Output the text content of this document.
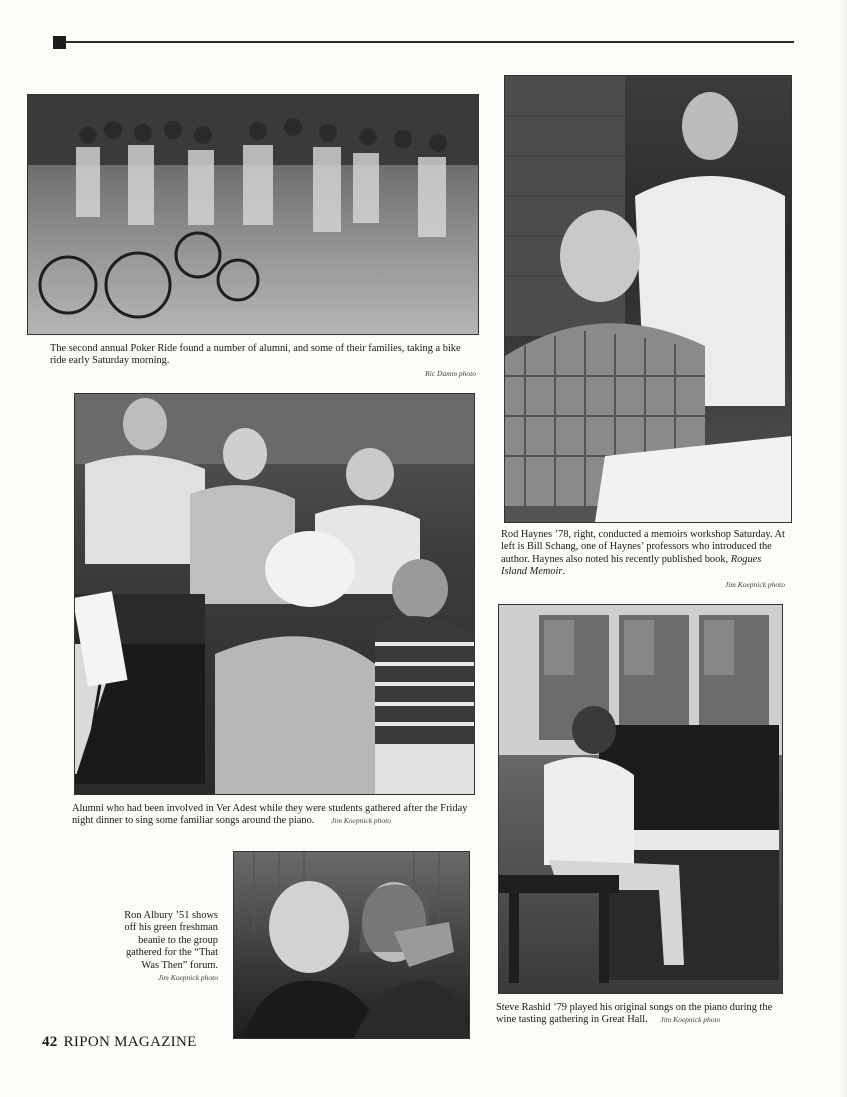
The second annual Poker Ride found a number of alumni, and some of their families, taking a bike ride early Saturday morning.
Ric Damm photo
Rod Haynes ’78, right, conducted a memoirs workshop Saturday. At left is Bill Schang, one of Haynes’ professors who introduced the author. Haynes also noted his recently published book, Rogues Island Memoir.
Jim Koepnick photo
Alumni who had been involved in Ver Adest while they were students gathered after the Friday night dinner to sing some familiar songs around the piano. Jim Koepnick photo
Steve Rashid ’79 played his original songs on the piano during the wine tasting gathering in Great Hall. Jim Koepnick photo
Ron Albury ’51 shows off his green freshman beanie to the group gathered for the “That Was Then” forum.
Jim Koepnick photo
42 RIPON MAGAZINE
